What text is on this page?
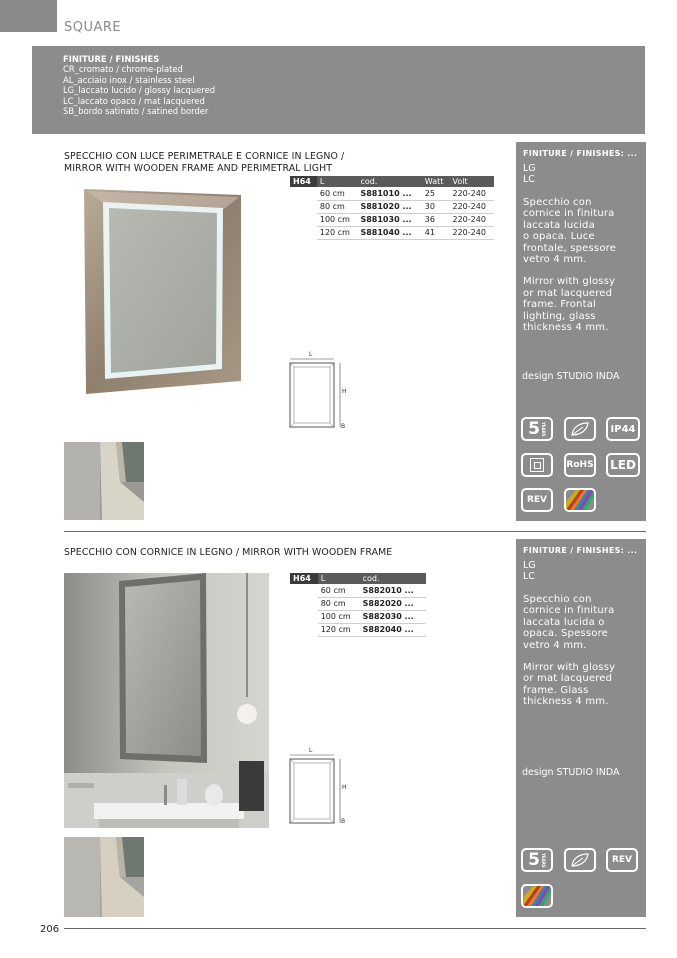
SQUARE
FINITURE / FINISHES
CR_cromato / chrome-plated
AL_acciaio inox / stainless steel
LG_laccato lucido / glossy lacquered
LC_laccato opaco / mat lacquered
SB_bordo satinato / satined border
SPECCHIO CON LUCE PERIMETRALE E CORNICE IN LEGNO /
MIRROR WITH WOODEN FRAME AND PERIMETRAL LIGHT
H64	L	cod.	Watt	Volt
	60 cm	S881010 ...	25	220-240
	80 cm	S881020 ...	30	220-240
	100 cm	S881030 ...	36	220-240
	120 cm	S881040 ...	41	220-240
L
H
B
FINITURE / FINISHES: ...
LG
LC
Specchio con
cornice in finitura
laccata lucida
o opaca. Luce
frontale, spessore
vetro 4 mm.
Mirror with glossy
or mat lacquered
frame. Frontal
lighting, glass
thickness 4 mm.
design STUDIO INDA
5 YEARS	IP44
RoHS LED
REV
SPECCHIO CON CORNICE IN LEGNO / MIRROR WITH WOODEN FRAME
H64	L	cod.
	60 cm	S882010 ...
	80 cm	S882020 ...
	100 cm	S882030 ...
	120 cm	S882040 ...
L
H
B
FINITURE / FINISHES: ...
LG
LC
Specchio con
cornice in finitura
laccata lucida o
opaca. Spessore
vetro 4 mm.
Mirror with glossy
or mat lacquered
frame. Glass
thickness 4 mm.
design STUDIO INDA
5 YEARS	REV
206
